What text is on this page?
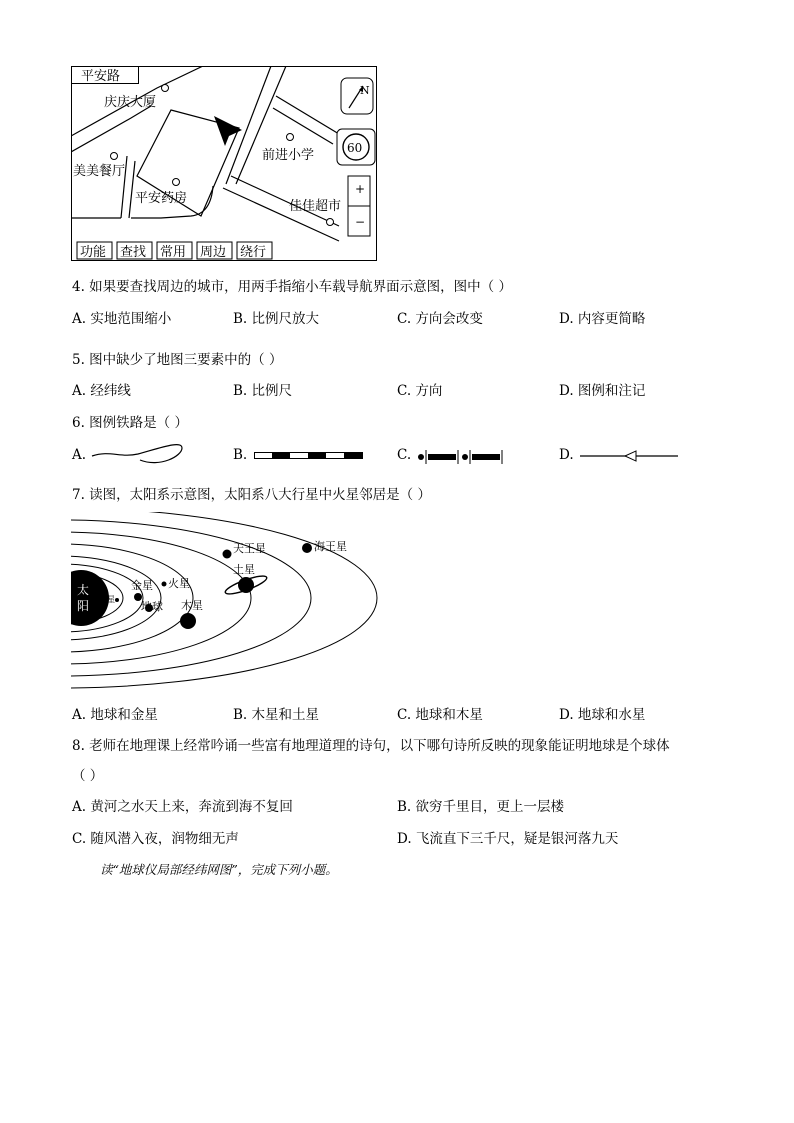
平安路
庆庆大厦
美美餐厅
平安药房
前进小学
佳佳超市
N
60
+
−
功能 查找 常用 周边 绕行
4. 如果要查找周边的城市，用两手指缩小车载导航界面示意图，图中（ ）
A. 实地范围缩小	B. 比例尺放大	C. 方向会改变	D. 内容更简略
5. 图中缺少了地图三要素中的（ ）
A. 经纬线	B. 比例尺	C. 方向	D. 图例和注记
6. 图例铁路是（ ）
A.	B.	C.	D.
7. 读图，太阳系示意图，太阳系八大行星中火星邻居是（ ）
太
阳 水星
金星
地球
火星
木星
土星
天王星	海王星
A. 地球和金星	B. 木星和土星	C. 地球和木星	D. 地球和水星
8. 老师在地理课上经常吟诵一些富有地理道理的诗句，以下哪句诗所反映的现象能证明地球是个球体
（ ）
A. 黄河之水天上来，奔流到海不复回	B. 欲穷千里目，更上一层楼
C. 随风潜入夜，润物细无声	D. 飞流直下三千尺，疑是银河落九天
读“地球仪局部经纬网图”，完成下列小题。
